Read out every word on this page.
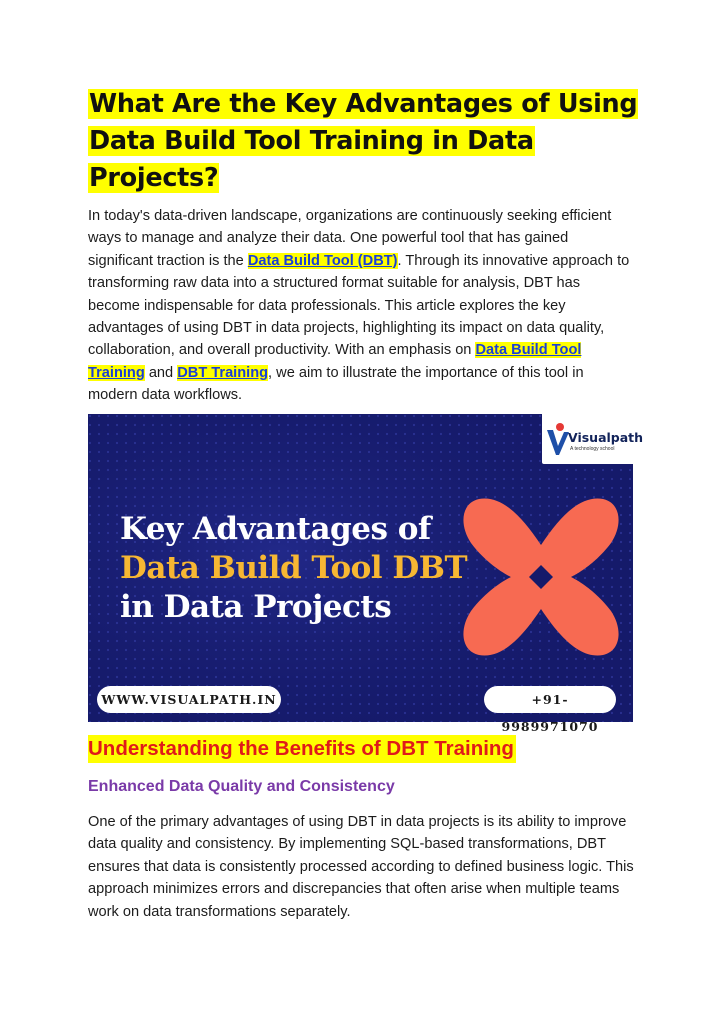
What Are the Key Advantages of Using
Data Build Tool Training in Data
Projects?

In today's data-driven landscape, organizations are continuously seeking efficient ways to manage and analyze their data. One powerful tool that has gained significant traction is the Data Build Tool (DBT). Through its innovative approach to transforming raw data into a structured format suitable for analysis, DBT has become indispensable for data professionals. This article explores the key advantages of using DBT in data projects, highlighting its impact on data quality, collaboration, and overall productivity. With an emphasis on Data Build Tool Training and DBT Training, we aim to illustrate the importance of this tool in modern data workflows.

Visualpath
A technology school
Key Advantages of
Data Build Tool DBT
in Data Projects
WWW.VISUALPATH.IN	+91-9989971070
Understanding the Benefits of DBT Training
Enhanced Data Quality and Consistency

One of the primary advantages of using DBT in data projects is its ability to improve data quality and consistency. By implementing SQL-based transformations, DBT ensures that data is consistently processed according to defined business logic. This approach minimizes errors and discrepancies that often arise when multiple teams work on data transformations separately.
